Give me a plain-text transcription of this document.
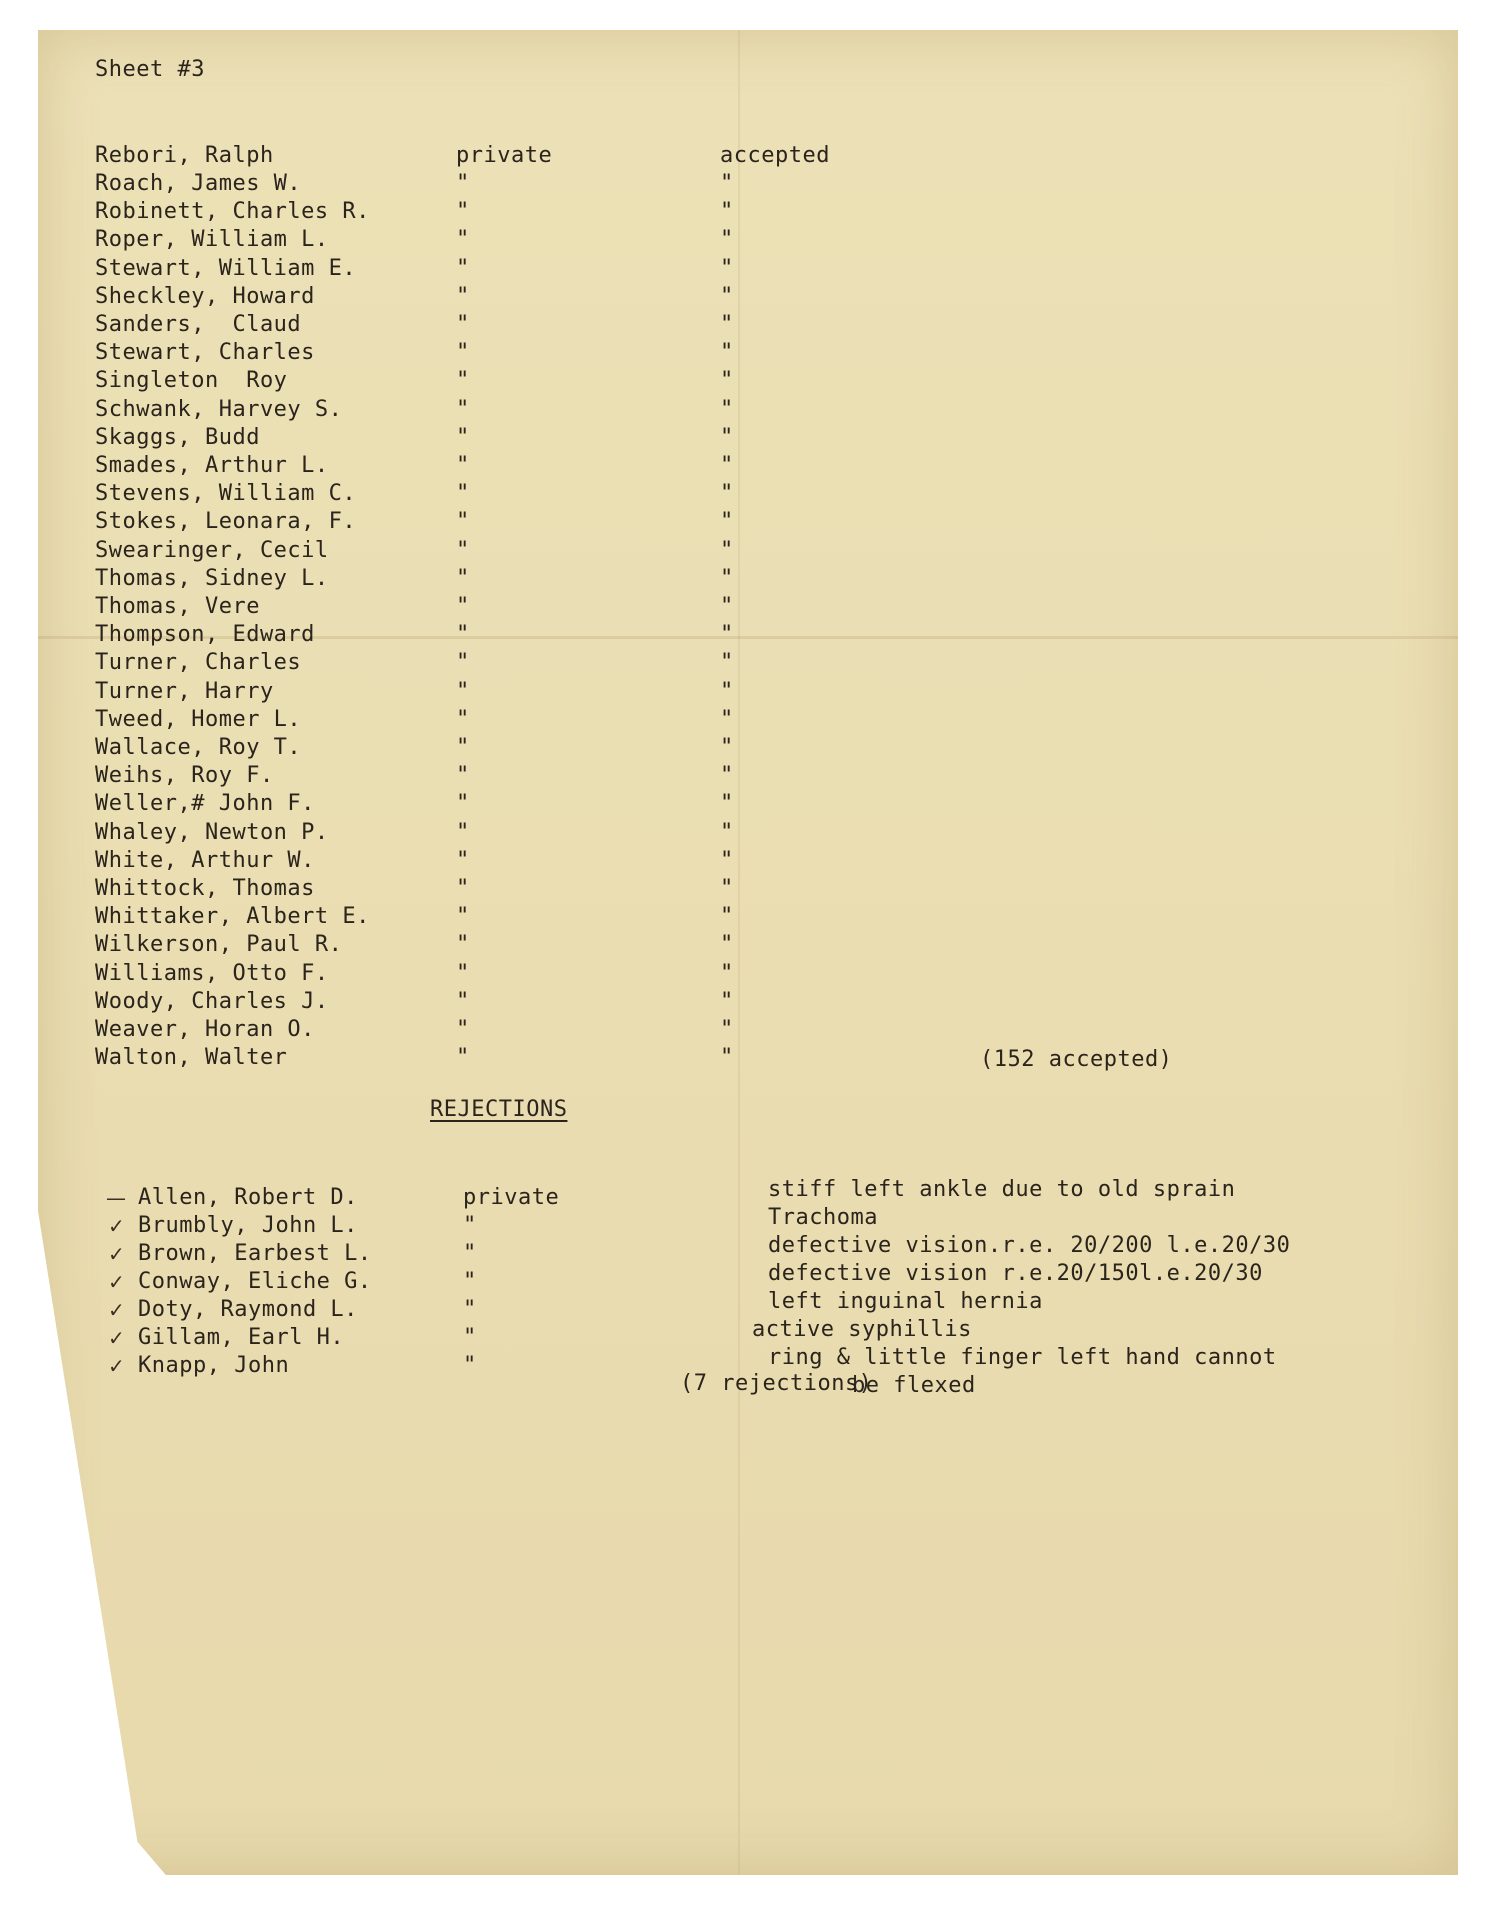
Sheet #3
Rebori, Ralph	private	accepted
Roach, James W.	"	"
Robinett, Charles R.	"	"
Roper, William L.	"	"
Stewart, William E.	"	"
Sheckley, Howard	"	"
Sanders,  Claud	"	"
Stewart, Charles	"	"
Singleton  Roy	"	"
Schwank, Harvey S.	"	"
Skaggs, Budd	"	"
Smades, Arthur L.	"	"
Stevens, William C.	"	"
Stokes, Leonara, F.	"	"
Swearinger, Cecil	"	"
Thomas, Sidney L.	"	"
Thomas, Vere	"	"
Thompson, Edward	"	"
Turner, Charles	"	"
Turner, Harry	"	"
Tweed, Homer L.	"	"
Wallace, Roy T.	"	"
Weihs, Roy F.	"	"
Weller,# John F.	"	"
Whaley, Newton P.	"	"
White, Arthur W.	"	"
Whittock, Thomas	"	"
Whittaker, Albert E.	"	"
Wilkerson, Paul R.	"	"
Williams, Otto F.	"	"
Woody, Charles J.	"	"
Weaver, Horan O.	"	"
Walton, Walter	"	"	(152 accepted)
REJECTIONS
— Allen, Robert D.	private	stiff left ankle due to old sprain
✓ Brumbly, John L.	"	Trachoma
✓ Brown, Earbest L.	"	defective vision.r.e. 20/200 l.e.20/30
✓ Conway, Eliche G.	"	defective vision r.e.20/150l.e.20/30
✓ Doty, Raymond L.	"	left inguinal hernia
✓ Gillam, Earl H.	"	active syphillis
✓ Knapp, John	"	ring & little finger left hand cannot
be flexed
(7 rejections)
